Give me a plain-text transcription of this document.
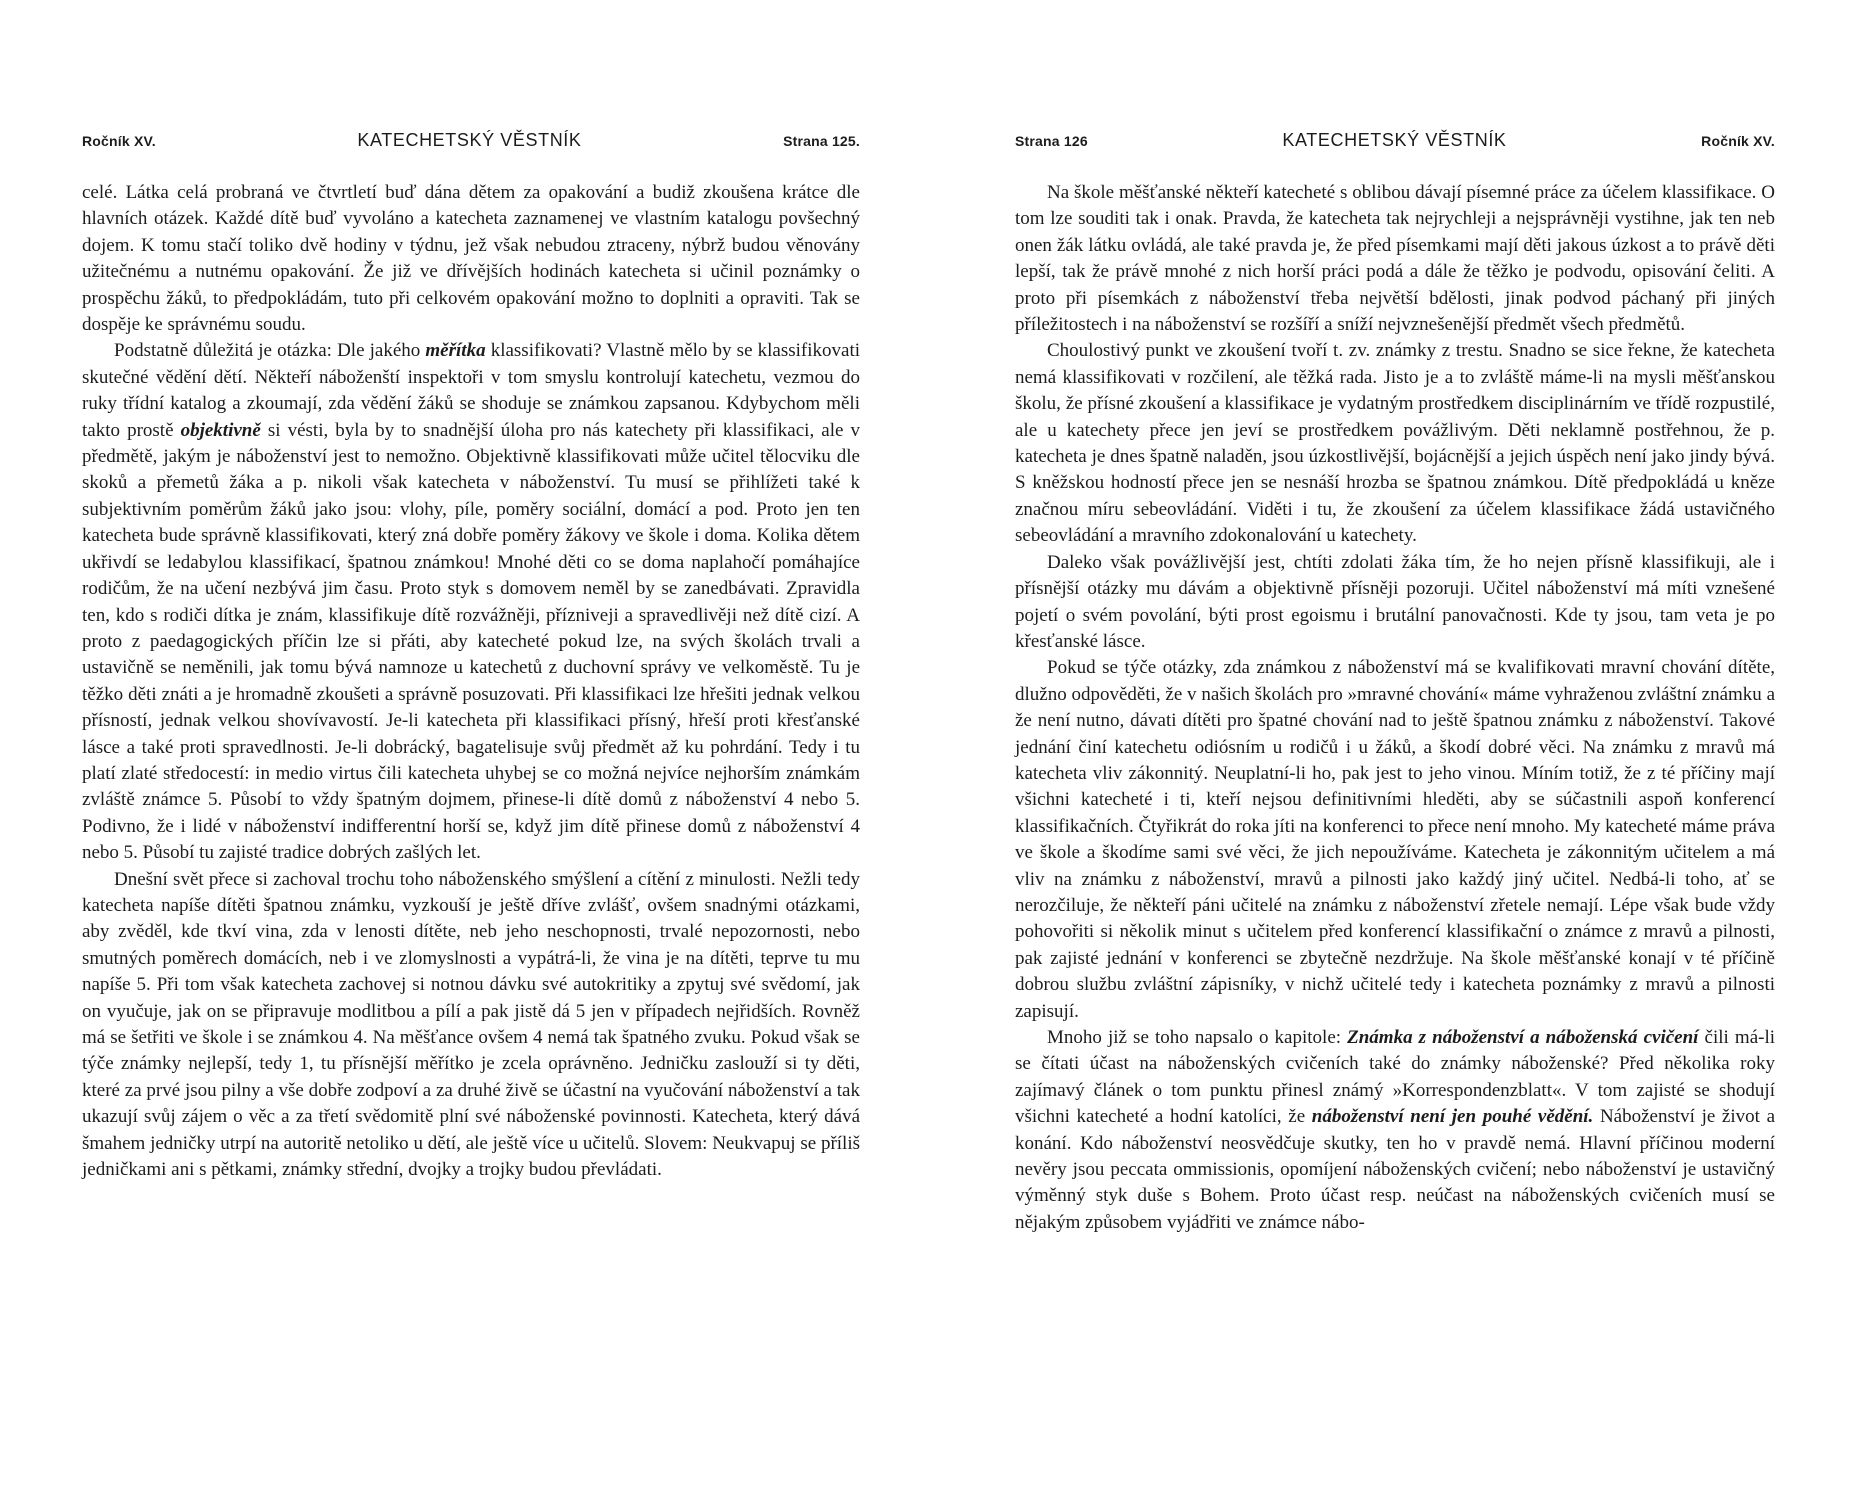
Ročník XV.	KATECHETSKÝ VĚSTNÍK	Strana 125.

celé. Látka celá probraná ve čtvrtletí buď dána dětem za opakování a budiž zkoušena krátce dle hlavních otázek. Každé dítě buď vyvoláno a katecheta zaznamenej ve vlastním katalogu povšechný dojem. K tomu stačí toliko dvě hodiny v týdnu, jež však nebudou ztraceny, nýbrž budou věnovány užitečnému a nutnému opakování. Že již ve dřívějších hodinách katecheta si učinil poznámky o prospěchu žáků, to předpokládám, tuto při celkovém opakování možno to doplniti a opraviti. Tak se dospěje ke správnému soudu.

Podstatně důležitá je otázka: Dle jakého měřítka klassifikovati? Vlastně mělo by se klassifikovati skutečné vědění dětí. Někteří náboženští inspektoři v tom smyslu kontrolují katechetu, vezmou do ruky třídní katalog a zkoumají, zda vědění žáků se shoduje se známkou zapsanou. Kdybychom měli takto prostě objektivně si vésti, byla by to snadnější úloha pro nás katechety při klassifikaci, ale v předmětě, jakým je náboženství jest to nemožno. Objektivně klassifikovati může učitel tělocviku dle skoků a přemetů žáka a p. nikoli však katecheta v náboženství. Tu musí se přihlížeti také k subjektivním poměrům žáků jako jsou: vlohy, píle, poměry sociální, domácí a pod. Proto jen ten katecheta bude správně klassifikovati, který zná dobře poměry žákovy ve škole i doma. Kolika dětem ukřivdí se ledabylou klassifikací, špatnou známkou! Mnohé děti co se doma naplahočí pomáhajíce rodičům, že na učení nezbývá jim času. Proto styk s domovem neměl by se zanedbávati. Zpravidla ten, kdo s rodiči dítka je znám, klassifikuje dítě rozvážněji, přízniveji a spravedlivěji než dítě cizí. A proto z paedagogických příčin lze si přáti, aby katecheté pokud lze, na svých školách trvali a ustavičně se neměnili, jak tomu bývá namnoze u katechetů z duchovní správy ve velkoměstě. Tu je těžko děti znáti a je hromadně zkoušeti a správně posuzovati. Při klassifikaci lze hřešiti jednak velkou přísností, jednak velkou shovívavostí. Je-li katecheta při klassifikaci přísný, hřeší proti křesťanské lásce a také proti spravedlnosti. Je-li dobrácký, bagatelisuje svůj předmět až ku pohrdání. Tedy i tu platí zlaté středocestí: in medio virtus čili katecheta uhybej se co možná nejvíce nejhorším známkám zvláště známce 5. Působí to vždy špatným dojmem, přinese-li dítě domů z náboženství 4 nebo 5. Podivno, že i lidé v náboženství indifferentní horší se, když jim dítě přinese domů z náboženství 4 nebo 5. Působí tu zajisté tradice dobrých zašlých let.

Dnešní svět přece si zachoval trochu toho náboženského smýšlení a cítění z minulosti. Nežli tedy katecheta napíše dítěti špatnou známku, vyzkouší je ještě dříve zvlášť, ovšem snadnými otázkami, aby zvěděl, kde tkví vina, zda v lenosti dítěte, neb jeho neschopnosti, trvalé nepozornosti, nebo smutných poměrech domácích, neb i ve zlomyslnosti a vypátrá-li, že vina je na dítěti, teprve tu mu napíše 5. Při tom však katecheta zachovej si notnou dávku své autokritiky a zpytuj své svědomí, jak on vyučuje, jak on se připravuje modlitbou a pílí a pak jistě dá 5 jen v případech nejřidších. Rovněž má se šetřiti ve škole i se známkou 4. Na měšťance ovšem 4 nemá tak špatného zvuku. Pokud však se týče známky nejlepší, tedy 1, tu přísnější měřítko je zcela oprávněno. Jedničku zaslouží si ty děti, které za prvé jsou pilny a vše dobře zodpoví a za druhé živě se účastní na vyučování náboženství a tak ukazují svůj zájem o věc a za třetí svědomitě plní své náboženské povinnosti. Katecheta, který dává šmahem jedničky utrpí na autoritě netoliko u dětí, ale ještě více u učitelů. Slovem: Neukvapuj se příliš jedničkami ani s pětkami, známky střední, dvojky a trojky budou převládati.

Strana 126	KATECHETSKÝ VĚSTNÍK	Ročník XV.

Na škole měšťanské někteří katecheté s oblibou dávají písemné práce za účelem klassifikace. O tom lze souditi tak i onak. Pravda, že katecheta tak nejrychleji a nejsprávněji vystihne, jak ten neb onen žák látku ovládá, ale také pravda je, že před písemkami mají děti jakous úzkost a to právě děti lepší, tak že právě mnohé z nich horší práci podá a dále že těžko je podvodu, opisování čeliti. A proto při písemkách z náboženství třeba největší bdělosti, jinak podvod páchaný při jiných příležitostech i na náboženství se rozšíří a sníží nejvznešenější předmět všech předmětů.

Choulostivý punkt ve zkoušení tvoří t. zv. známky z trestu. Snadno se sice řekne, že katecheta nemá klassifikovati v rozčilení, ale těžká rada. Jisto je a to zvláště máme-li na mysli měšťanskou školu, že přísné zkoušení a klassifikace je vydatným prostředkem disciplinárním ve třídě rozpustilé, ale u katechety přece jen jeví se prostředkem povážlivým. Děti neklamně postřehnou, že p. katecheta je dnes špatně naladěn, jsou úzkostlivější, bojácnější a jejich úspěch není jako jindy bývá. S kněžskou hodností přece jen se nesnáší hrozba se špatnou známkou. Dítě předpokládá u kněze značnou míru sebeovládání. Viděti i tu, že zkoušení za účelem klassifikace žádá ustavičného sebeovládání a mravního zdokonalování u katechety.

Daleko však povážlivější jest, chtíti zdolati žáka tím, že ho nejen přísně klassifikuji, ale i přísnější otázky mu dávám a objektivně přísněji pozoruji. Učitel náboženství má míti vznešené pojetí o svém povolání, býti prost egoismu i brutální panovačnosti. Kde ty jsou, tam veta je po křesťanské lásce.

Pokud se týče otázky, zda známkou z náboženství má se kvalifikovati mravní chování dítěte, dlužno odpověděti, že v našich školách pro »mravné chování« máme vyhraženou zvláštní známku a že není nutno, dávati dítěti pro špatné chování nad to ještě špatnou známku z náboženství. Takové jednání činí katechetu odiósním u rodičů i u žáků, a škodí dobré věci. Na známku z mravů má katecheta vliv zákonnitý. Neuplatní-li ho, pak jest to jeho vinou. Míním totiž, že z té příčiny mají všichni katecheté i ti, kteří nejsou definitivními hleděti, aby se súčastnili aspoň konferencí klassifikačních. Čtyřikrát do roka jíti na konferenci to přece není mnoho. My katecheté máme práva ve škole a škodíme sami své věci, že jich nepoužíváme. Katecheta je zákonnitým učitelem a má vliv na známku z náboženství, mravů a pilnosti jako každý jiný učitel. Nedbá-li toho, ať se nerozčiluje, že někteří páni učitelé na známku z náboženství zřetele nemají. Lépe však bude vždy pohovořiti si několik minut s učitelem před konferencí klassifikační o známce z mravů a pilnosti, pak zajisté jednání v konferenci se zbytečně nezdržuje. Na škole měšťanské konají v té příčině dobrou službu zvláštní zápisníky, v nichž učitelé tedy i katecheta poznámky z mravů a pilnosti zapisují.

Mnoho již se toho napsalo o kapitole: Známka z náboženství a náboženská cvičení čili má-li se čítati účast na náboženských cvičeních také do známky náboženské? Před několika roky zajímavý článek o tom punktu přinesl známý »Korrespondenzblatt«. V tom zajisté se shodují všichni katecheté a hodní katolíci, že náboženství není jen pouhé vědění. Náboženství je život a konání. Kdo náboženství neosvědčuje skutky, ten ho v pravdě nemá. Hlavní příčinou moderní nevěry jsou peccata ommissionis, opomíjení náboženských cvičení; nebo náboženství je ustavičný výměnný styk duše s Bohem. Proto účast resp. neúčast na náboženských cvičeních musí se nějakým způsobem vyjádřiti ve známce nábo-
